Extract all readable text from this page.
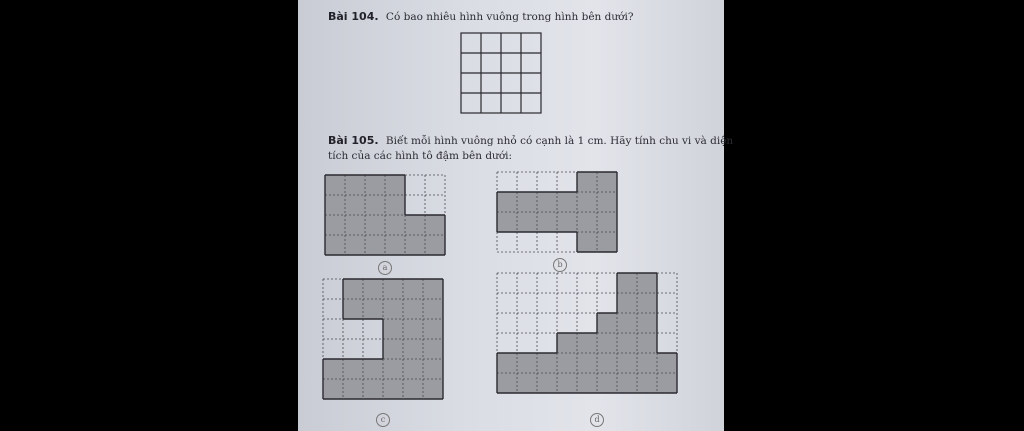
Bài 104. Có bao nhiêu hình vuông trong hình bên dưới?
Bài 105. Biết mỗi hình vuông nhỏ có cạnh là 1 cm. Hãy tính chu vi và diện
tích của các hình tô đậm bên dưới:
a	b
c	d
